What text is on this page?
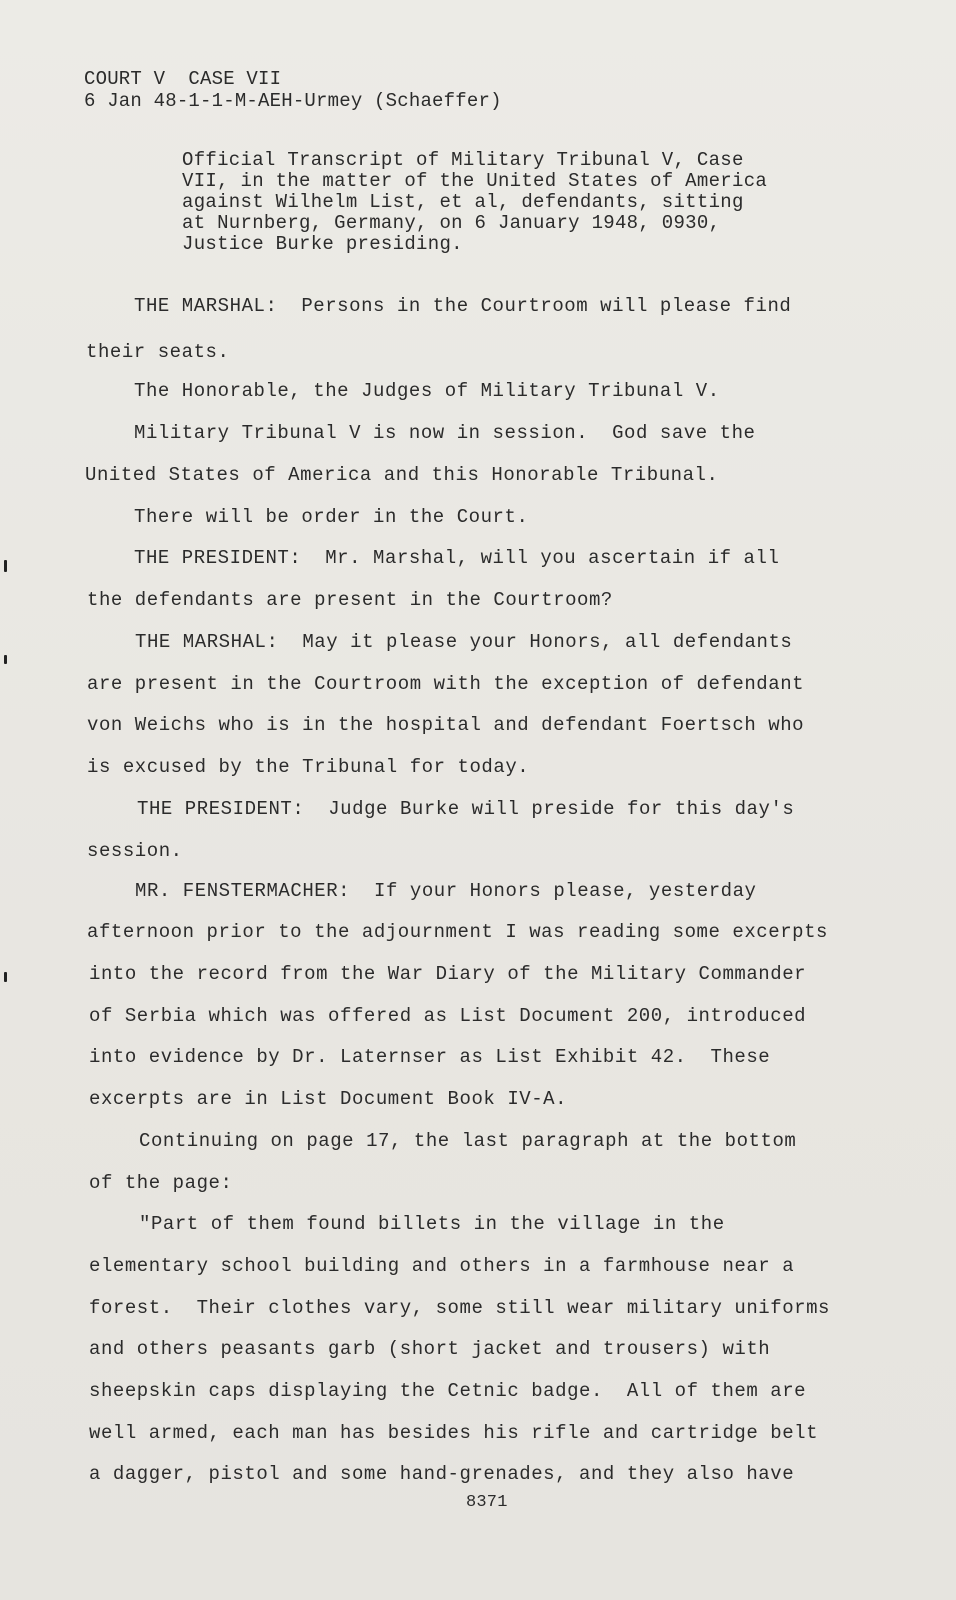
COURT V  CASE VII
6 Jan 48-1-1-M-AEH-Urmey (Schaeffer)
Official Transcript of Military Tribunal V, Case
VII, in the matter of the United States of America
against Wilhelm List, et al, defendants, sitting
at Nurnberg, Germany, on 6 January 1948, 0930,
Justice Burke presiding.
THE MARSHAL:  Persons in the Courtroom will please find
their seats.
The Honorable, the Judges of Military Tribunal V.
Military Tribunal V is now in session.  God save the
United States of America and this Honorable Tribunal.
There will be order in the Court.
THE PRESIDENT:  Mr. Marshal, will you ascertain if all
the defendants are present in the Courtroom?
THE MARSHAL:  May it please your Honors, all defendants
are present in the Courtroom with the exception of defendant
von Weichs who is in the hospital and defendant Foertsch who
is excused by the Tribunal for today.
THE PRESIDENT:  Judge Burke will preside for this day's
session.
MR. FENSTERMACHER:  If your Honors please, yesterday
afternoon prior to the adjournment I was reading some excerpts
into the record from the War Diary of the Military Commander
of Serbia which was offered as List Document 200, introduced
into evidence by Dr. Laternser as List Exhibit 42.  These
excerpts are in List Document Book IV-A.
Continuing on page 17, the last paragraph at the bottom
of the page:
"Part of them found billets in the village in the
elementary school building and others in a farmhouse near a
forest.  Their clothes vary, some still wear military uniforms
and others peasants garb (short jacket and trousers) with
sheepskin caps displaying the Cetnic badge.  All of them are
well armed, each man has besides his rifle and cartridge belt
a dagger, pistol and some hand-grenades, and they also have
8371
